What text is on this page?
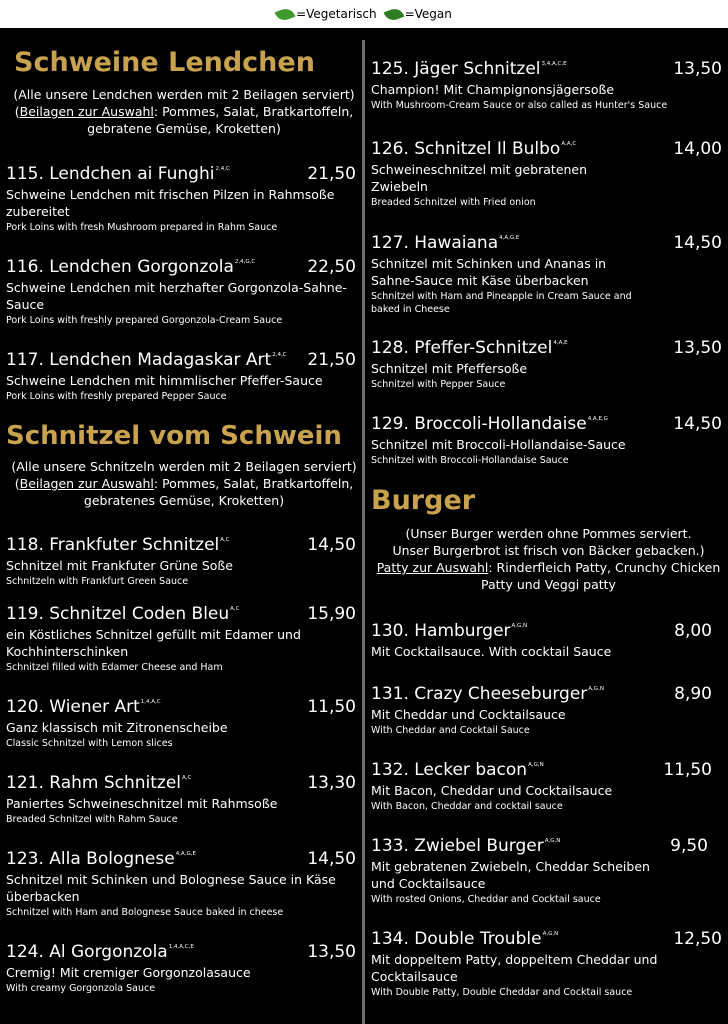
=Vegetarisch =Vegan
Schweine Lendchen
(Alle unsere Lendchen werden mit 2 Beilagen serviert)
(Beilagen zur Auswahl: Pommes, Salat, Bratkartoffeln,
gebratene Gemüse, Kroketten)
115. Lendchen ai Funghi$^{2,4,C}$	21,50
Schweine Lendchen mit frischen Pilzen in Rahmsoße zubereitet
Pork Loins with fresh Mushroom prepared in Rahm Sauce
116. Lendchen Gorgonzola$^{2,4,G,C}$	22,50
Schweine Lendchen mit herzhafter Gorgonzola-Sahne-Sauce
Pork Loins with freshly prepared Gorgonzola-Cream Sauce
117. Lendchen Madagaskar Art$^{2,4,C}$ 21,50
Schweine Lendchen mit himmlischer Pfeffer-Sauce
Pork Loins with freshly prepared Pepper Sauce
Schnitzel vom Schwein
(Alle unsere Schnitzeln werden mit 2 Beilagen serviert)
(Beilagen zur Auswahl: Pommes, Salat, Bratkartoffeln,
gebratenes Gemüse, Kroketten)
118. Frankfuter Schnitzel$^{A,C}$	14,50
Schnitzel mit Frankfuter Grüne Soße
Schnitzeln with Frankfurt Green Sauce
119. Schnitzel Coden Bleu$^{A,C}$	15,90
ein Köstliches Schnitzel gefüllt mit Edamer und Kochhinterschinken
Schnitzel filled with Edamer Cheese and Ham
120. Wiener Art$^{1,4,A,C}$	11,50
Ganz klassisch mit Zitronenscheibe
Classic Schnitzel with Lemon slices
121. Rahm Schnitzel$^{A,C}$	13,30
Paniertes Schweineschnitzel mit Rahmsoße
Breaded Schnitzel with Rahm Sauce
123. Alla Bolognese$^{4,A,G,E}$	14,50
Schnitzel mit Schinken und Bolognese Sauce in Käse überbacken
Schnitzel with Ham and Bolognese Sauce baked in cheese
124. Al Gorgonzola$^{1,4,A,C,E}$	13,50
Cremig! Mit cremiger Gorgonzolasauce
With creamy Gorgonzola Sauce
125. Jäger Schnitzel$^{3,4,A,C,E}$	13,50
Champion! Mit Champignonsjägersoße
With Mushroom-Cream Sauce or also called as Hunter's Sauce
126. Schnitzel Il Bulbo$^{A,A,C}$	14,00
Schweineschnitzel mit gebratenen Zwiebeln
Breaded Schnitzel with Fried onion
127. Hawaiana$^{4,A,G,E}$	14,50
Schnitzel mit Schinken und Ananas in Sahne-Sauce mit Käse überbacken
Schnitzel with Ham and Pineapple in Cream Sauce and baked in Cheese
128. Pfeffer-Schnitzel$^{4,A,E}$	13,50
Schnitzel mit Pfeffersoße
Schnitzel with Pepper Sauce
129. Broccoli-Hollandaise$^{4,A,E,G}$	14,50
Schnitzel mit Broccoli-Hollandaise-Sauce
Schnitzel with Broccoli-Hollandaise Sauce
Burger
(Unser Burger werden ohne Pommes serviert.
Unser Burgerbrot ist frisch von Bäcker gebacken.)
Patty zur Auswahl: Rinderfleich Patty, Crunchy Chicken
Patty und Veggi patty
130. Hamburger$^{A,G,N}$	8,00
Mit Cocktailsauce. With cocktail Sauce
131. Crazy Cheeseburger$^{A,G,N}$	8,90
Mit Cheddar und Cocktailsauce
With Cheddar and Cocktail Sauce
132. Lecker bacon$^{A,G,N}$	11,50
Mit Bacon, Cheddar und Cocktailsauce
With Bacon, Cheddar and cocktail sauce
133. Zwiebel Burger$^{A,G,N}$	9,50
Mit gebratenen Zwiebeln, Cheddar Scheiben und Cocktailsauce
With rosted Onions, Cheddar and Cocktail sauce
134. Double Trouble$^{A,G,N}$	12,50
Mit doppeltem Patty, doppeltem Cheddar und Cocktailsauce
With Double Patty, Double Cheddar and Cocktail sauce
